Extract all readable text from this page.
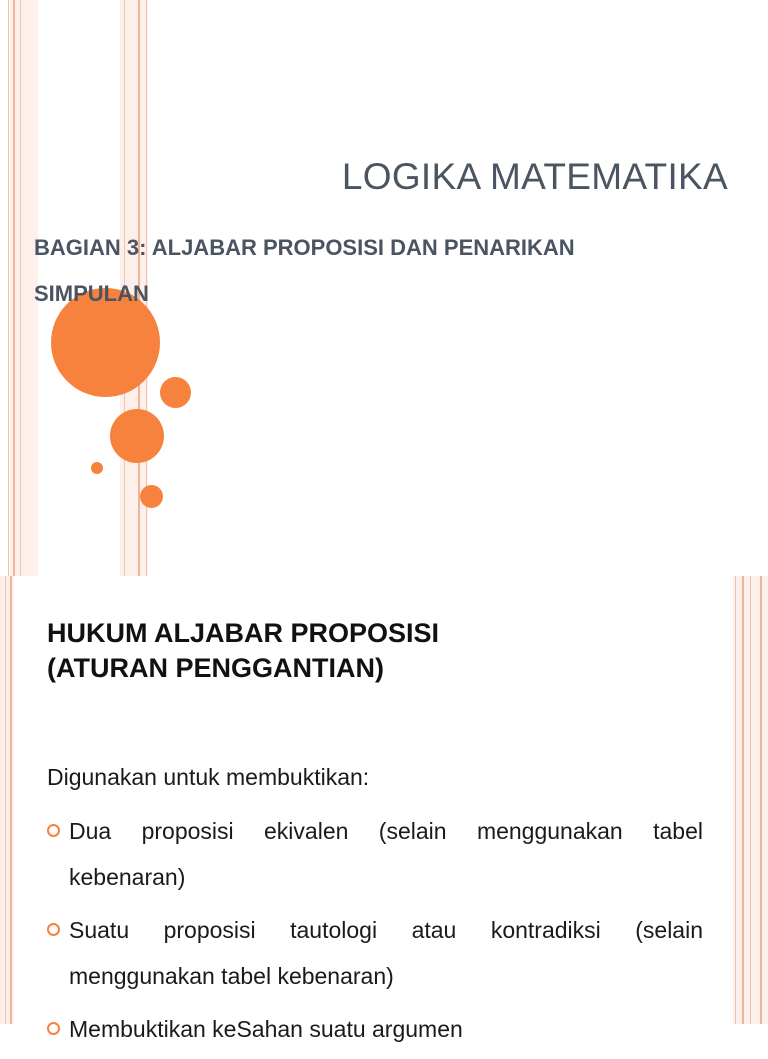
LOGIKA MATEMATIKA

BAGIAN 3: ALJABAR PROPOSISI DAN PENARIKAN SIMPULAN

HUKUM ALJABAR PROPOSISI
(ATURAN PENGGANTIAN)

Digunakan untuk membuktikan:

Dua proposisi ekivalen (selain menggunakan tabel kebenaran)
Suatu proposisi tautologi atau kontradiksi (selain menggunakan tabel kebenaran)
Membuktikan keSahan suatu argumen
